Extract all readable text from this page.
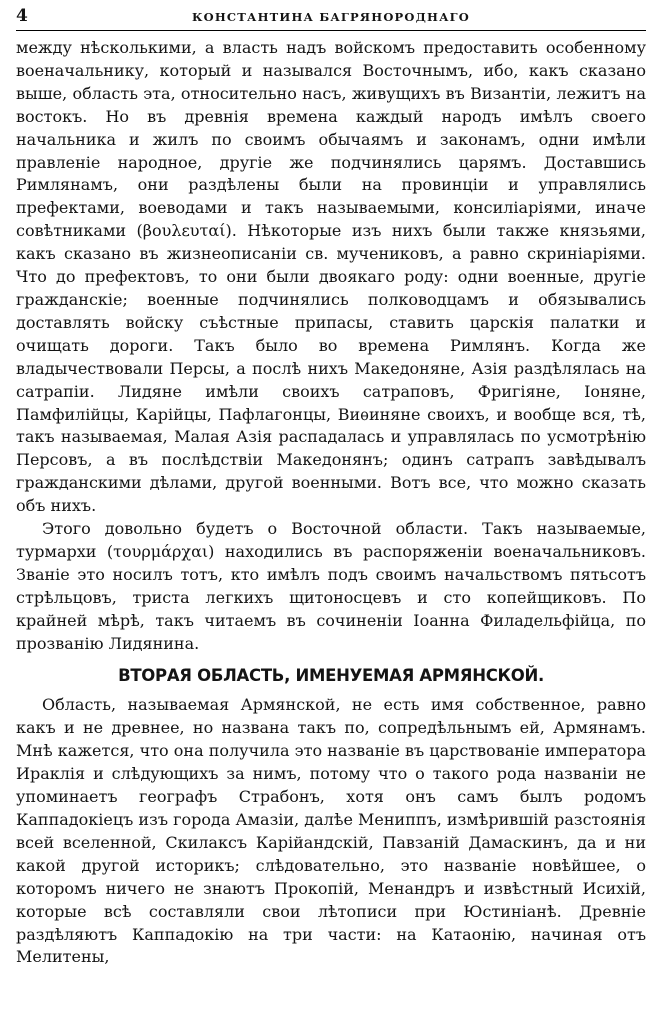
4	КОНСТАНТИНА БАГРЯНОРОДНАГО

между нѣсколькими, а власть надъ войскомъ предоставить особенному военачальнику, который и назывался Восточнымъ, ибо, какъ сказано выше, область эта, относительно насъ, живущихъ въ Византіи, лежитъ на востокъ. Но въ древнія времена каждый народъ имѣлъ своего начальника и жилъ по своимъ обычаямъ и законамъ, одни имѣли правленіе народное, другіе же подчинялись царямъ. Доставшись Римлянамъ, они раздѣлены были на провинціи и управлялись префектами, воеводами и такъ называемыми, консиліаріями, иначе совѣтниками (βουλευταί). Нѣкоторые изъ нихъ были также князьями, какъ сказано въ жизнеописаніи св. мучениковъ, а равно скриніаріями. Что до префектовъ, то они были двоякаго роду: одни военные, другіе гражданскіе; военные подчинялись полководцамъ и обязывались доставлять войску съѣстные припасы, ставить царскія палатки и очищать дороги. Такъ было во времена Римлянъ. Когда же владычествовали Персы, а послѣ нихъ Македоняне, Азія раздѣлялась на сатрапіи. Лидяне имѣли своихъ сатраповъ, Фригіяне, Іоняне, Памфилійцы, Карійцы, Пафлагонцы, Виѳиняне своихъ, и вообще вся, тѣ, такъ называемая, Малая Азія распадалась и управлялась по усмотрѣнію Персовъ, а въ послѣдствіи Македонянъ; одинъ сатрапъ завѣдывалъ гражданскими дѣлами, другой военными. Вотъ все, что можно сказать объ нихъ.

Этого довольно будетъ о Восточной области. Такъ называемые, турмархи (τουρμάρχαι) находились въ распоряженіи военачальниковъ. Званіе это носилъ тотъ, кто имѣлъ подъ своимъ начальствомъ пятьсотъ стрѣльцовъ, триста легкихъ щитоносцевъ и сто копейщиковъ. По крайней мѣрѣ, такъ читаемъ въ сочиненіи Іоанна Филадельфійца, по прозванію Лидянина.

ВТОРАЯ ОБЛАСТЬ, ИМЕНУЕМАЯ АРМЯНСКОЙ.

Область, называемая Армянской, не есть имя собственное, равно какъ и не древнее, но названа такъ по, сопредѣльнымъ ей, Армянамъ. Мнѣ кажется, что она получила это названіе въ царствованіе императора Ираклія и слѣдующихъ за нимъ, потому что о такого рода названіи не упоминаетъ географъ Страбонъ, хотя онъ самъ былъ родомъ Каппадокіецъ изъ города Амазіи, далѣе Мениппъ, измѣрившій разстоянія всей вселенной, Скилаксъ Карійандскій, Павзаній Дамаскинъ, да и ни какой другой историкъ; слѣдовательно, это названіе новѣйшее, о которомъ ничего не знаютъ Прокопій, Менандръ и извѣстный Исихій, которые всѣ составляли свои лѣтописи при Юстиніанѣ. Древніе раздѣляютъ Каппадокію на три части: на Катаонію, начиная отъ Мелитены,
